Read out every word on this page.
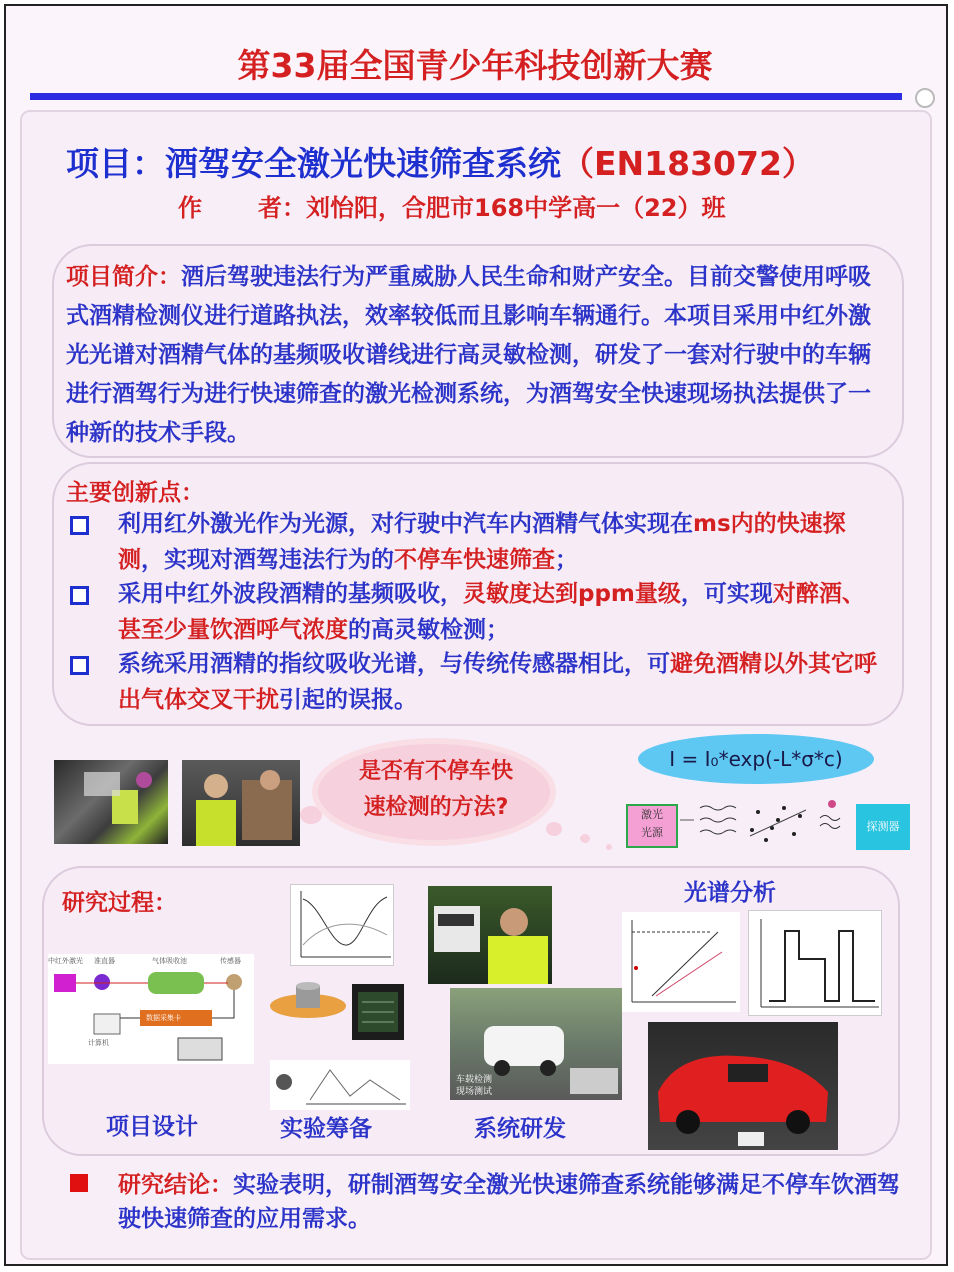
第33届全国青少年科技创新大赛
项目：酒驾安全激光快速筛查系统（EN183072）
作 者：刘怡阳，合肥市168中学高一（22）班
项目简介：酒后驾驶违法行为严重威胁人民生命和财产安全。目前交警使用呼吸式酒精检测仪进行道路执法，效率较低而且影响车辆通行。本项目采用中红外激光光谱对酒精气体的基频吸收谱线进行高灵敏检测，研发了一套对行驶中的车辆进行酒驾行为进行快速筛查的激光检测系统，为酒驾安全快速现场执法提供了一种新的技术手段。
主要创新点：
利用红外激光作为光源，对行驶中汽车内酒精气体实现在ms内的快速探测，实现对酒驾违法行为的不停车快速筛查；
采用中红外波段酒精的基频吸收，灵敏度达到ppm量级，可实现对醉酒、甚至少量饮酒呼气浓度的高灵敏检测；
系统采用酒精的指纹吸收光谱，与传统传感器相比，可避免酒精以外其它呼出气体交叉干扰引起的误报。
是否有不停车快
速检测的方法?
I = I₀*exp(-L*σ*c)
激光
光源	探测器
研究过程：	光谱分析
中红外激光 准直器	气体吸收池	传感器
数据采集卡
计算机
车载检测
现场测试
项目设计	实验筹备	系统研发
研究结论：实验表明，研制酒驾安全激光快速筛查系统能够满足不停车饮酒驾驶快速筛查的应用需求。
